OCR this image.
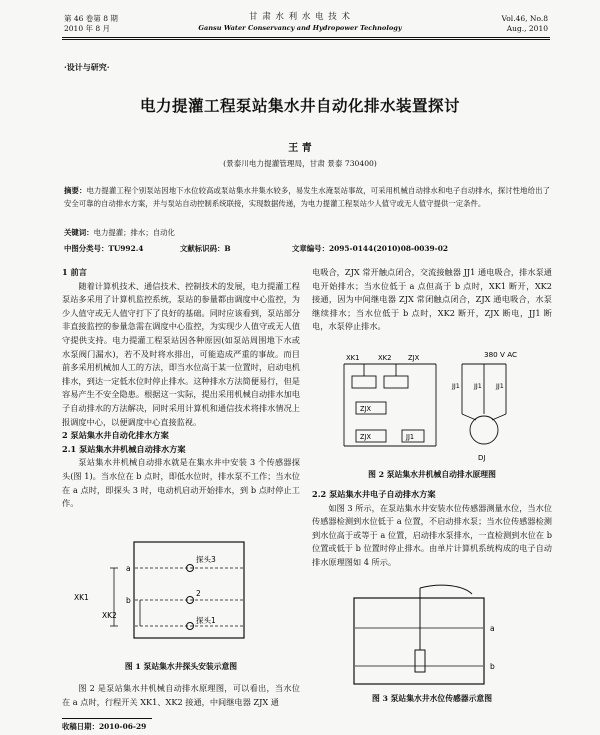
第 46 卷第 8 期
2010 年 8 月
甘 肃 水 利 水 电 技 术
Gansu Water Conservancy and Hydropower Technology
Vol.46, No.8
Aug., 2010
·设计与研究·
电力提灌工程泵站集水井自动化排水装置探讨
王 青
(景泰川电力提灌管理局，甘肃 景泰 730400)
摘要：电力提灌工程个别泵站因地下水位较高或泵站集水井集水较多，易发生水淹泵站事故，可采用机械自动排水和电子自动排水，探讨性地给出了安全可靠的自动排水方案，并与泵站自动控制系统联接，实现数据传递，为电力提灌工程泵站少人值守或无人值守提供一定条件。
关键词：电力提灌；排水；自动化
中图分类号：TU992.4	文献标识码：B	文章编号：2095-0144(2010)08-0039-02
1 前言

随着计算机技术、通信技术、控制技术的发展，电力提灌工程泵站多采用了计算机监控系统，泵站的参量都由调度中心监控，为少人值守或无人值守打下了良好的基础。同时应该看到，泵站部分非直接监控的参量急需在调度中心监控，为实现少人值守或无人值守提供支持。电力提灌工程泵站因各种原因(如泵站周围地下水或水泵阀门漏水)，若不及时将水排出，可能造成严重的事故。而目前多采用机械加人工的方法，即当水位高于某一位置时，启动电机排水，到达一定低水位时停止排水。这种排水方法简便易行，但是容易产生不安全隐患。根据这一实际，提出采用机械自动排水加电子自动排水的方法解决，同时采用计算机和通信技术将排水情况上报调度中心，以便调度中心直接监视。

2 泵站集水井自动化排水方案
2.1 泵站集水井机械自动排水方案

泵站集水井机械自动排水就是在集水井中安装 3 个传感器探头(图 1)。当水位在 b 点时，即低水位时，排水泵不工作；当水位在 a 点时，即探头 3 时，电动机启动开始排水，到 b 点时停止工作。

探头3
2
探头1
a
b
XK1
XK2
图 1 泵站集水井探头安装示意图

图 2 是泵站集水井机械自动排水原理图，可以看出，当水位在 a 点时，行程开关 XK1、XK2 接通，中间继电器 ZJX 通

电吸合，ZJX 常开触点闭合，交流接触器 JJ1 通电吸合，排水泵通电开始排水；当水位低于 a 点但高于 b 点时，XK1 断开，XK2 接通，因为中间继电器 ZJX 常闭触点闭合，ZJX 通电吸合，水泵继续排水；当水位低于 b 点时，XK2 断开，ZJX 断电，JJ1 断电，水泵停止排水。
380 V AC
XK1	XK2 ZJX
ZJX
ZJX	JJ1
JJ1 JJ1 JJ1
DJ
图 2 泵站集水井机械自动排水原理图
2.2 泵站集水井电子自动排水方案

如图 3 所示，在泵站集水井安装水位传感器测量水位，当水位传感器检测到水位低于 a 位置，不启动排水泵；当水位传感器检测到水位高于或等于 a 位置，启动排水泵排水，一直检测到水位在 b 位置或低于 b 位置时停止排水。由单片计算机系统构成的电子自动排水原理图如 4 所示。

a
b
图 3 泵站集水井水位传感器示意图
收稿日期：2010-06-29
